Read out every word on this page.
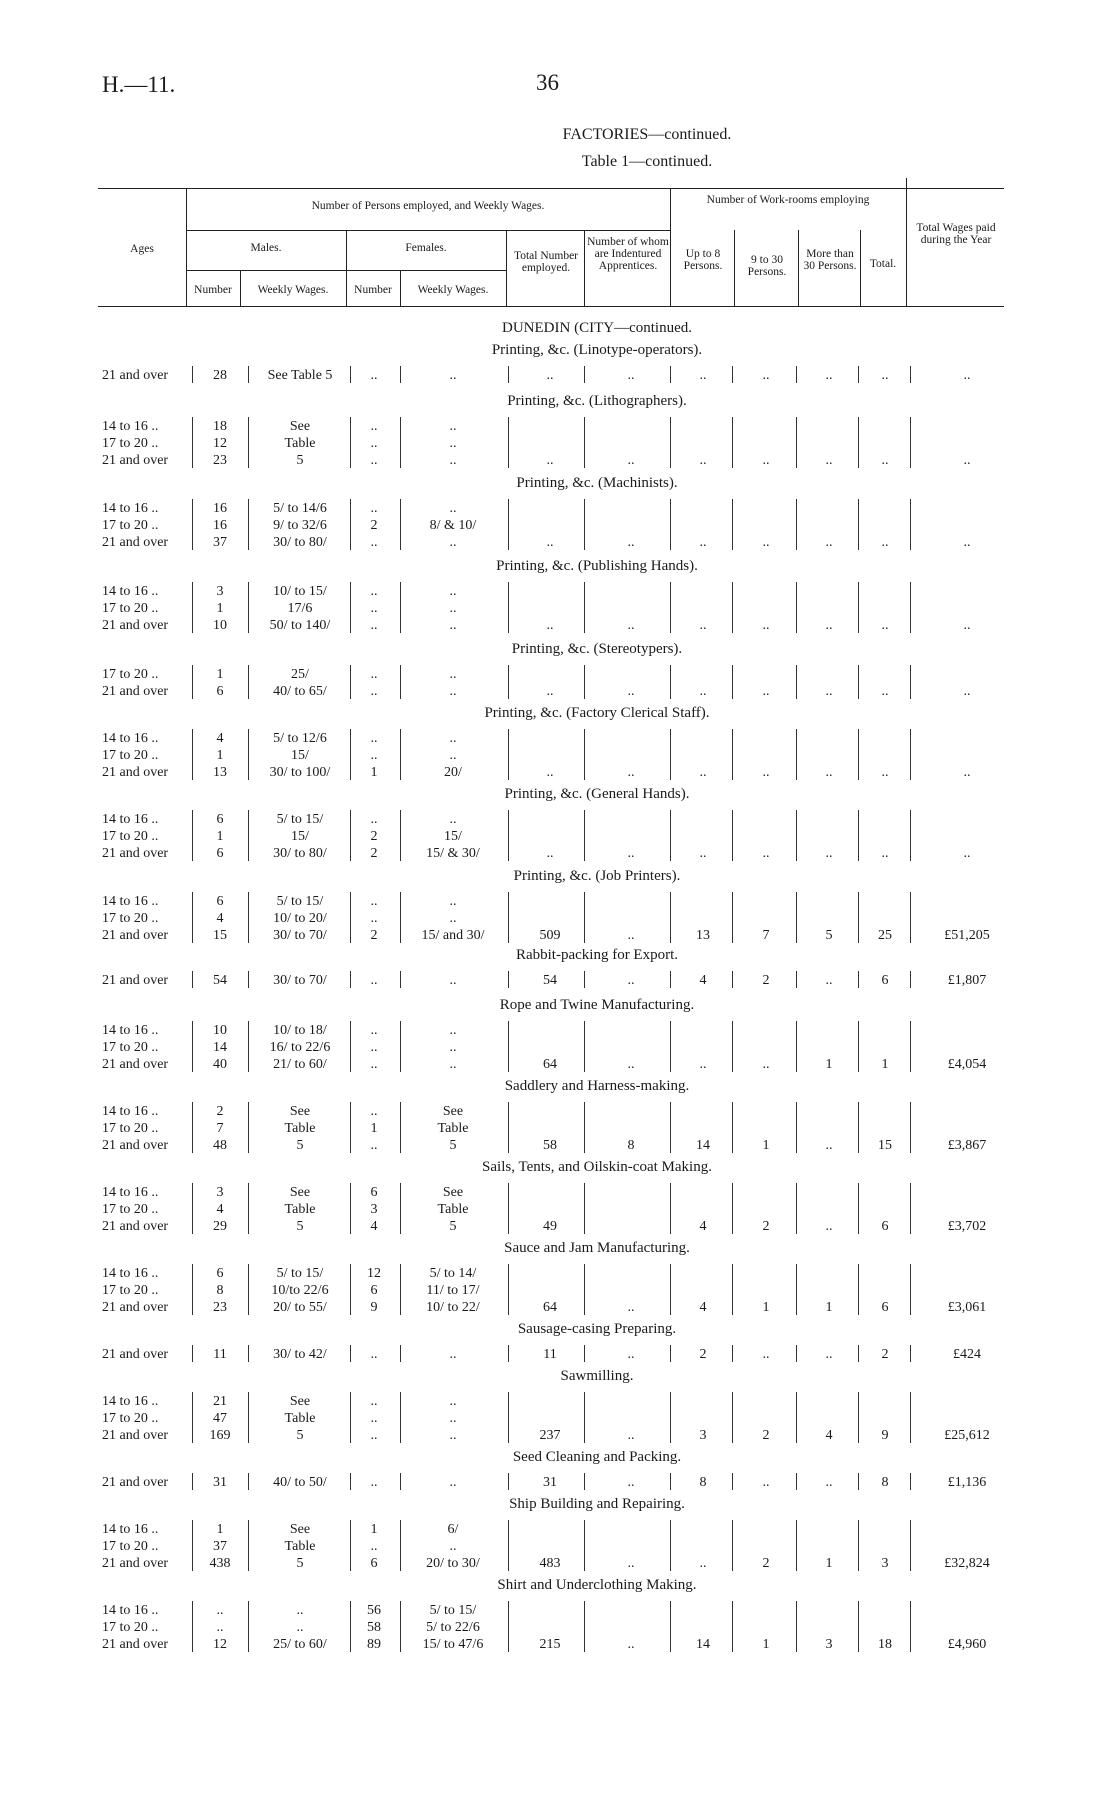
H.—11.	36
FACTORIES—continued.
Table 1—continued.
Ages
Number of Persons employed, and Weekly Wages.
Males.	Females.
Number	Weekly Wages.	Number	Weekly Wages.
Total Number employed.
Number of whom are Indentured Apprentices.
Number of Work-rooms employing
Up to 8 Persons.	9 to 30 Persons.
More than 30 Persons.	Total.
Total Wages paid during the Year
DUNEDIN (CITY—continued.
Printing, &c. (Linotype-operators).
21 and over	28	See Table 5	..	..	..	..	..	..	..	..	..
Printing, &c. (Lithographers).
14 to 16 ..	18	See	..	..
17 to 20 ..	12	Table	..	..
21 and over	23	5	..	..	..	..	..	..	..	..	..
Printing, &c. (Machinists).
14 to 16 ..	16	5/ to 14/6	..	..
17 to 20 ..	16	9/ to 32/6	2	8/ & 10/
21 and over	37	30/ to 80/	..	..	..	..	..	..	..	..	..
Printing, &c. (Publishing Hands).
14 to 16 ..	3	10/ to 15/	..	..
17 to 20 ..	1	17/6	..	..
21 and over	10	50/ to 140/	..	..	..	..	..	..	..	..	..
Printing, &c. (Stereotypers).
17 to 20 ..	1	25/	..	..
21 and over	6	40/ to 65/	..	..	..	..	..	..	..	..	..
Printing, &c. (Factory Clerical Staff).
14 to 16 ..	4	5/ to 12/6	..	..
17 to 20 ..	1	15/	..	..
21 and over	13	30/ to 100/	1	20/	..	..	..	..	..	..	..
Printing, &c. (General Hands).
14 to 16 ..	6	5/ to 15/	..	..
17 to 20 ..	1	15/	2	15/
21 and over	6	30/ to 80/	2	15/ & 30/	..	..	..	..	..	..	..
Printing, &c. (Job Printers).
14 to 16 ..	6	5/ to 15/	..	..
17 to 20 ..	4	10/ to 20/	..	..
21 and over	15	30/ to 70/	2	15/ and 30/	509	..	13	7	5	25	£51,205
Rabbit-packing for Export.
21 and over	54	30/ to 70/	..	..	54	..	4	2	..	6	£1,807
Rope and Twine Manufacturing.
14 to 16 ..	10	10/ to 18/	..	..
17 to 20 ..	14	16/ to 22/6	..	..
21 and over	40	21/ to 60/	..	..	64	..	..	..	1	1	£4,054
Saddlery and Harness-making.
14 to 16 ..	2	See	..	See
17 to 20 ..	7	Table	1	Table
21 and over	48	5	..	5	58	8	14	1	..	15	£3,867
Sails, Tents, and Oilskin-coat Making.
14 to 16 ..	3	See	6	See
17 to 20 ..	4	Table	3	Table
21 and over	29	5	4	5	49	4	2	..	6	£3,702
Sauce and Jam Manufacturing.
14 to 16 ..	6	5/ to 15/	12	5/ to 14/
17 to 20 ..	8	10/to 22/6	6	11/ to 17/
21 and over	23	20/ to 55/	9	10/ to 22/	64	..	4	1	1	6	£3,061
Sausage-casing Preparing.
21 and over	11	30/ to 42/	..	..	11	..	2	..	..	2	£424
Sawmilling.
14 to 16 ..	21	See	..	..
17 to 20 ..	47	Table	..	..
21 and over	169	5	..	..	237	..	3	2	4	9	£25,612
Seed Cleaning and Packing.
21 and over	31	40/ to 50/	..	..	31	..	8	..	..	8	£1,136
Ship Building and Repairing.
14 to 16 ..	1	See	1	6/
17 to 20 ..	37	Table	..	..
21 and over	438	5	6	20/ to 30/	483	..	..	2	1	3	£32,824
Shirt and Underclothing Making.
14 to 16 ..	..	..	56	5/ to 15/
17 to 20 ..	..	..	58	5/ to 22/6
21 and over	12	25/ to 60/	89	15/ to 47/6	215	..	14	1	3	18	£4,960
